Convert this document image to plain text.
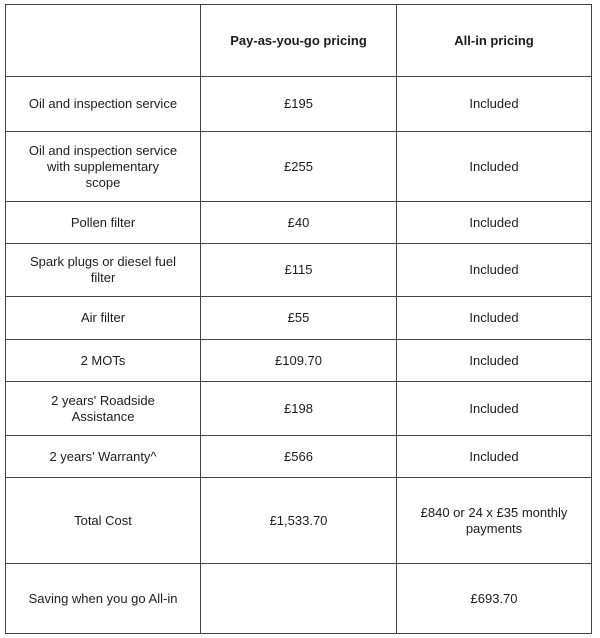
	Pay-as-you-go pricing	All-in pricing
Oil and inspection service	£195	Included
Oil and inspection service with supplementary scope	£255	Included
Pollen filter	£40	Included
Spark plugs or diesel fuel filter	£115	Included
Air filter	£55	Included
2 MOTs	£109.70	Included
2 years' Roadside Assistance	£198	Included
2 years' Warranty^	£566	Included
Total Cost	£1,533.70	£840 or 24 x £35 monthly payments
Saving when you go All-in		£693.70
